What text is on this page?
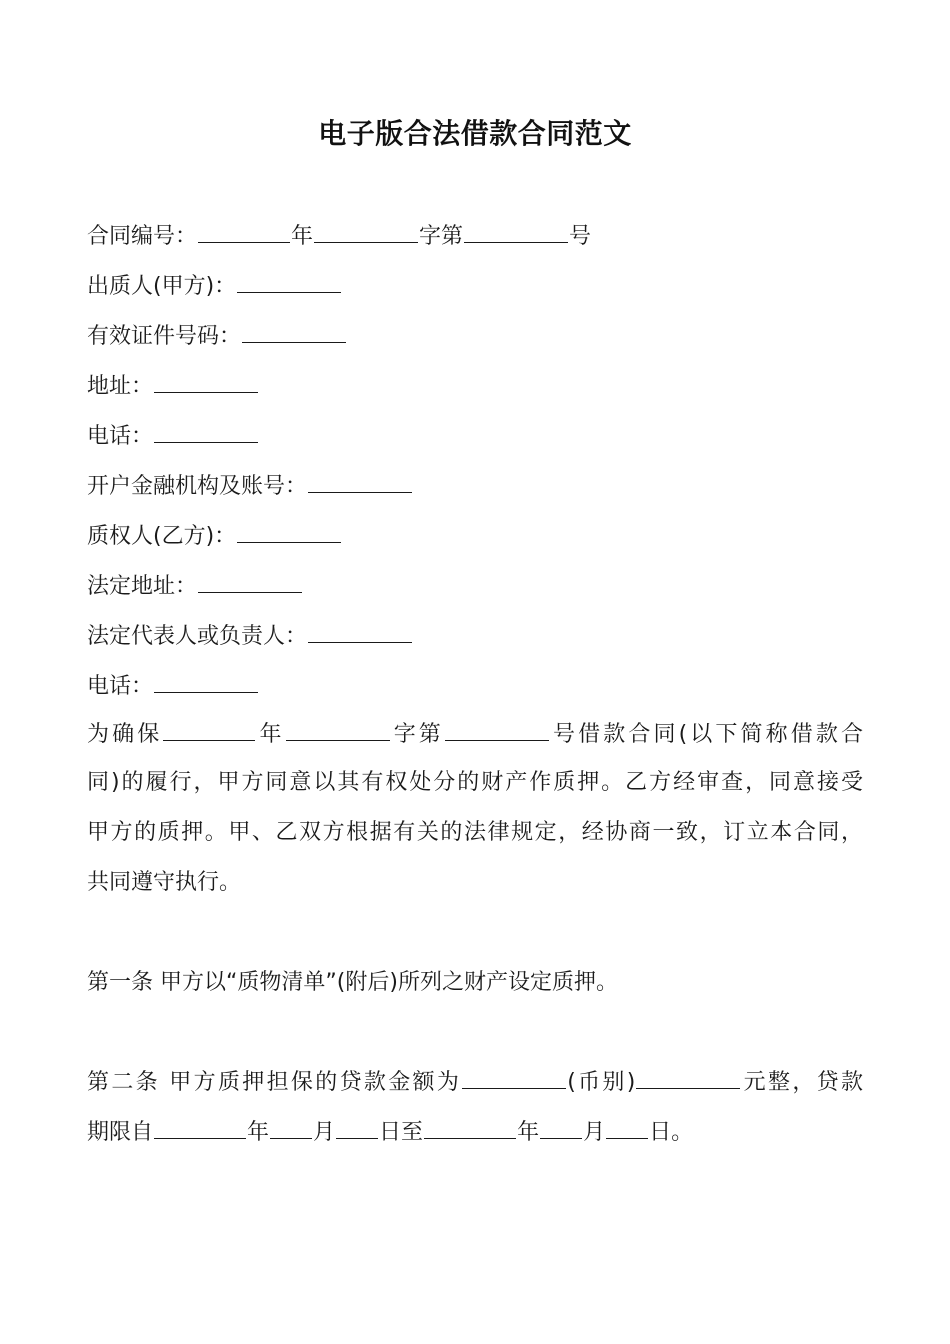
电子版合法借款合同范文
合同编号：	年	字第	号
出质人(甲方)：
有效证件号码：
地址：
电话：
开户金融机构及账号：
质权人(乙方)：
法定地址：
法定代表人或负责人：
电话：
为确保	年	字第	号借款合同(以下简称借款合
同)的履行，甲方同意以其有权处分的财产作质押。乙方经审查，同意接受
甲方的质押。甲、乙双方根据有关的法律规定，经协商一致，订立本合同，
共同遵守执行。
第一条 甲方以“质物清单”(附后)所列之财产设定质押。
第二条 甲方质押担保的贷款金额为	(币别)	元整，贷款
期限自	年 月 日至	年 月 日。
